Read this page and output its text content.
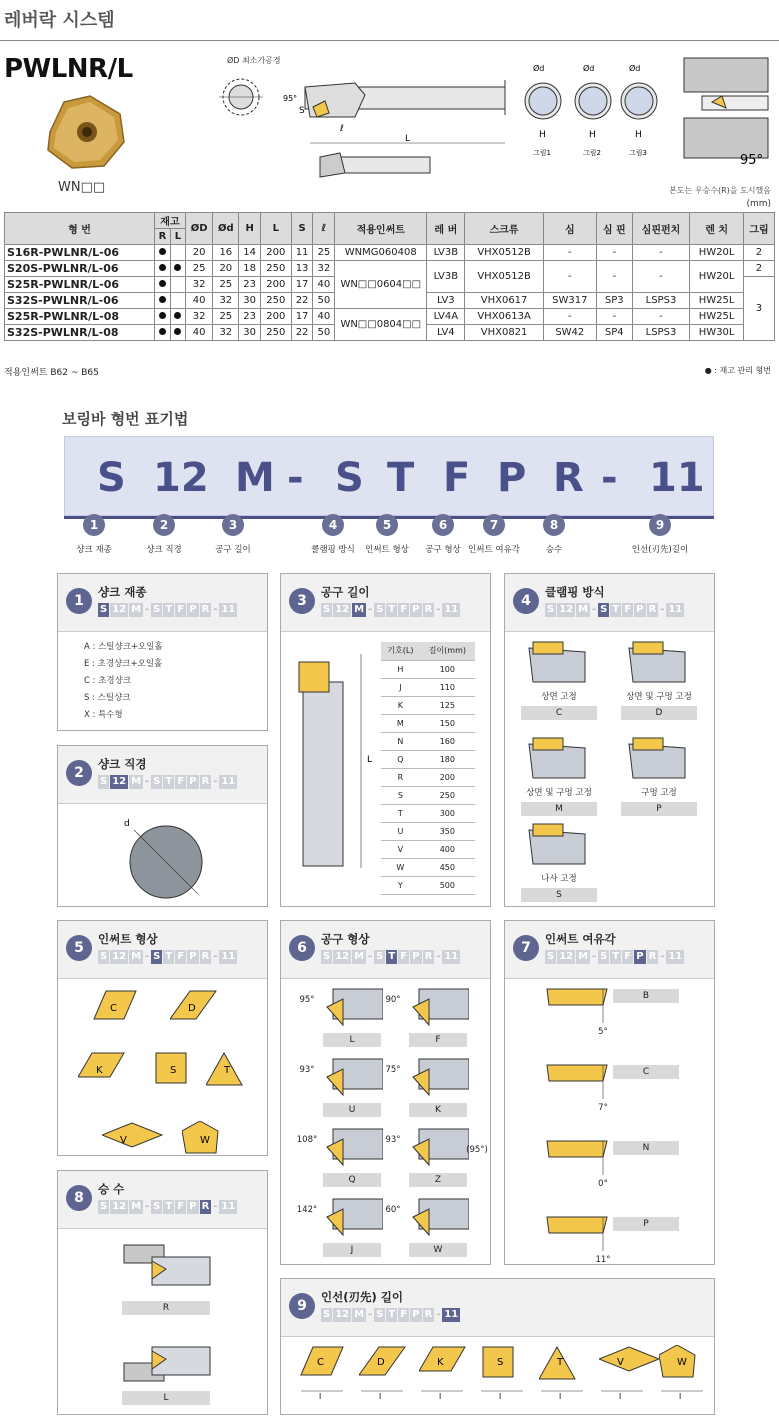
레버락 시스템
PWLNR/L
WN□□
ØD 최소가공경
95°
S
ℓ
L
Ød
H
그림1
Ød
H
그림2
Ød
H
그림3	95°
본도는 우승수(R)을 도시했음
(mm)
형 번	재고		ØD	Ød	H	L	S	ℓ	적용인써트	레 버	스크류	심	심 핀	심핀펀치	렌 치	그림
	R	L														
S16R-PWLNR/L-06			20	16	14	200	11	25	WNMG060408	LV3B	VHX0512B	-	-	-	HW20L	2
S20S-PWLNR/L-06			25	20	18	250	13	32	WN□□0604□□	LV3B	VHX0512B	-	-	-	HW20L	2
S25R-PWLNR/L-06			32	25	23	200	17	40								3
S32S-PWLNR/L-06			40	32	30	250	22	50		LV3	VHX0617	SW317	SP3	LSPS3	HW25L	
S25R-PWLNR/L-08			32	25	23	200	17	40	WN□□0804□□	LV4A	VHX0613A	-	-	-	HW25L	
S32S-PWLNR/L-08			40	32	30	250	22	50		LV4	VHX0821	SW42	SP4	LSPS3	HW30L	
적용인써트 B62 ~ B65	● : 재고 관리 형번
보링바 형번 표기법
S 12 M - S T F P R - 11
1
샹크 재종
2
샹크 직경
3
공구 길이
4
클램핑 방식
5
인써트 형상
6
공구 형상
7
인써트 여유각
8
승수
9
인선(刃先)길이
1
샹크 재종
S 12 M - S T F P R - 11
A : 스틸샹크+오일홀
E : 초경샹크+오일홀
C : 초경샹크
S : 스틸샹크
X : 특수형
2
샹크 직경
S 12 M - S T F P R - 11
d
3
공구 길이
S 12 M - S T F P R - 11
L
기호(L)	길이(mm)
H	100
J	110
K	125
M	150
N	160
Q	180
R	200
S	250
T	300
U	350
V	400
W	450
Y	500
4
클램핑 방식
S 12 M - S T F P R - 11
상면 고정
C
상면 및 구멍 고정
D
상면 및 구멍 고정
M
구멍 고정
P
나사 고정
S
5
인써트 형상
S 12 M - S T F P R - 11
C	D
K	S	T
V	W
6
공구 형상
S 12 M - S T F P R - 11
95°
L
90°
F
93°
U
75°
K
108°
Q
93°
Z
142°
J
60°
W
(95°)
7
인써트 여유각
S 12 M - S T F P R - 11
5°
B
7°
C
0°
N
11°
P
8
승 수
S 12 M - S T F P R - 11
R
L
9
인선(刃先) 길이
S 12 M - S T F P R - 11
C
l
D
l
K
l
S
l
T
l
V
l
W
l
